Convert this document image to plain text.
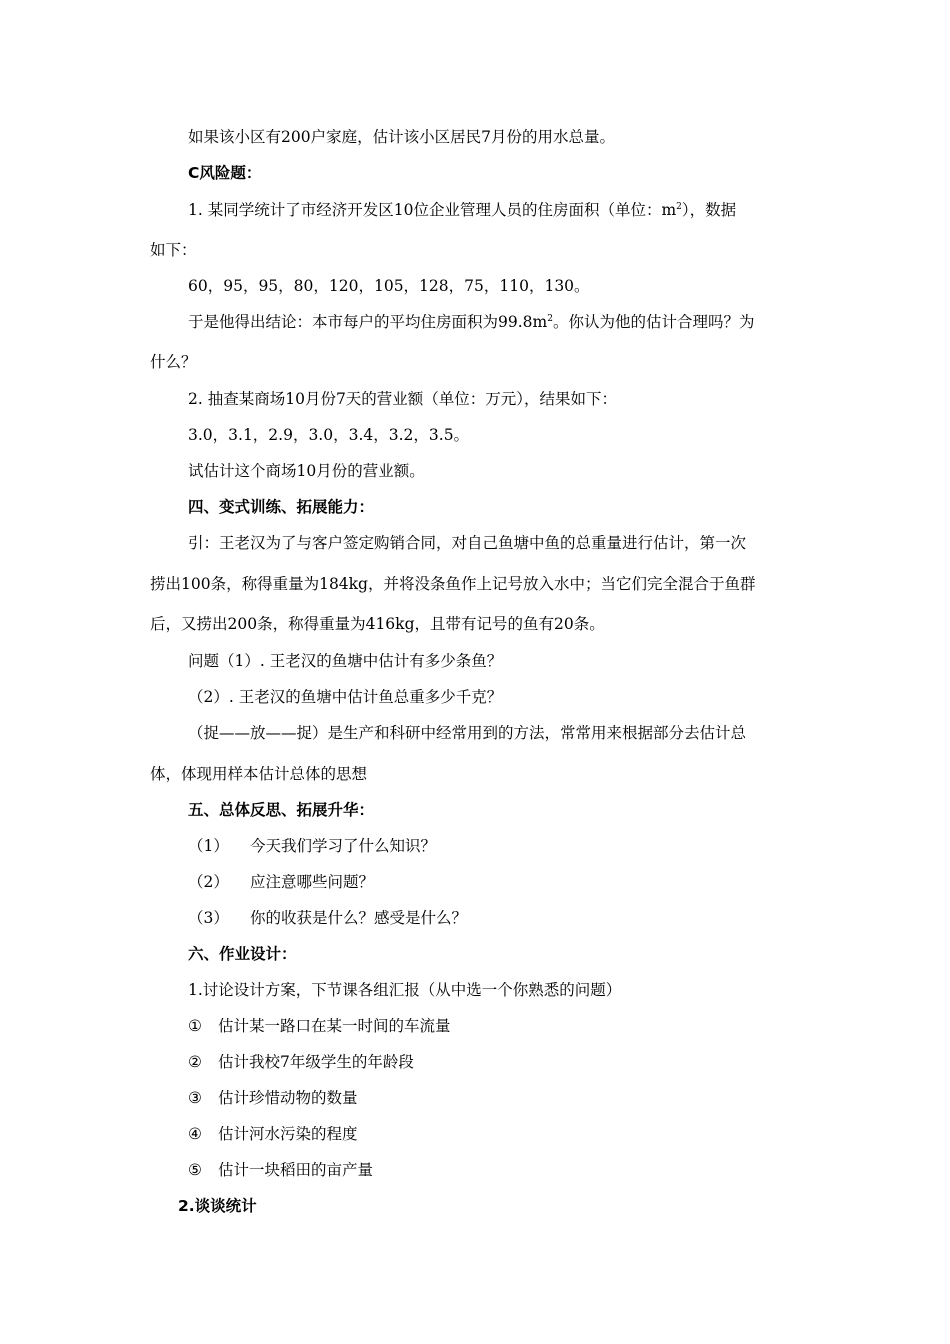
如果该小区有200户家庭，估计该小区居民7月份的用水总量。
C风险题：
1. 某同学统计了市经济开发区10位企业管理人员的住房面积（单位：$m^2$），数据
如下：
60，95，95，80，120，105，128，75，110，130。
于是他得出结论：本市每户的平均住房面积为$99.8m^2$。你认为他的估计合理吗？为
什么？
2. 抽查某商场10月份7天的营业额（单位：万元），结果如下：
3.0，3.1，2.9，3.0，3.4，3.2，3.5。
试估计这个商场10月份的营业额。
四、变式训练、拓展能力：
引：王老汉为了与客户签定购销合同，对自己鱼塘中鱼的总重量进行估计，第一次
捞出100条，称得重量为184kg，并将没条鱼作上记号放入水中；当它们完全混合于鱼群
后，又捞出200条，称得重量为416kg，且带有记号的鱼有20条。
问题（1）. 王老汉的鱼塘中估计有多少条鱼？
（2）. 王老汉的鱼塘中估计鱼总重多少千克？
（捉——放——捉）是生产和科研中经常用到的方法，常常用来根据部分去估计总
体，体现用样本估计总体的思想
五、总体反思、拓展升华：
（1） 今天我们学习了什么知识？
（2） 应注意哪些问题？
（3） 你的收获是什么？感受是什么？
六、作业设计：
1.讨论设计方案，下节课各组汇报（从中选一个你熟悉的问题）
① 估计某一路口在某一时间的车流量
② 估计我校7年级学生的年龄段
③ 估计珍惜动物的数量
④ 估计河水污染的程度
⑤ 估计一块稻田的亩产量
2.谈谈统计
